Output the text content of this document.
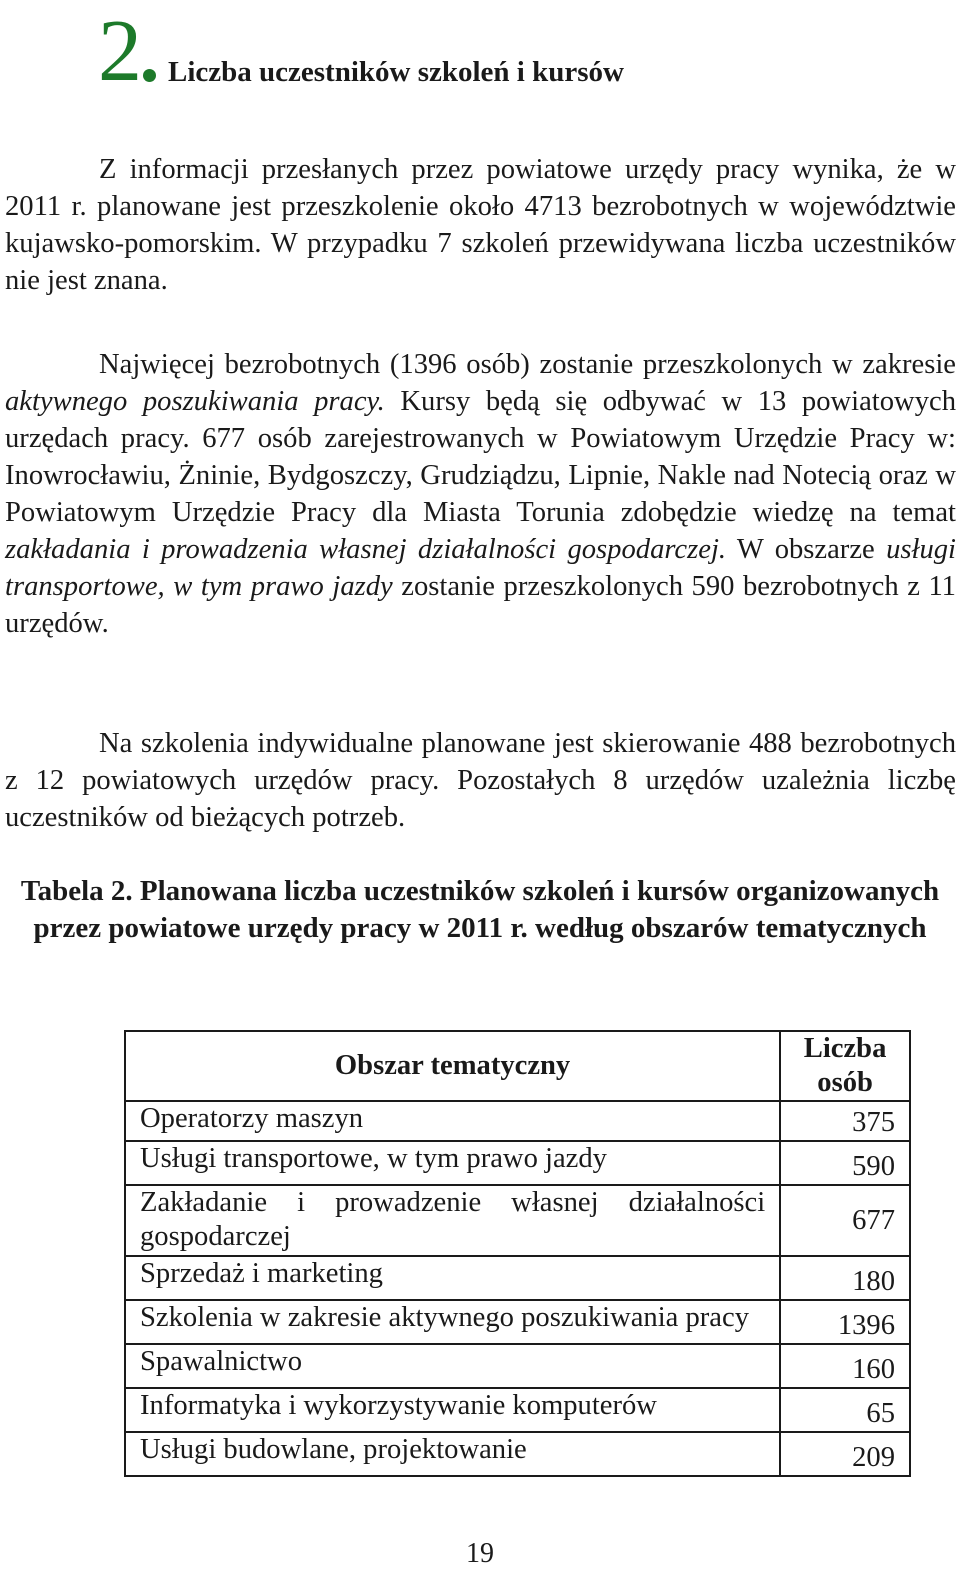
2 Liczba uczestników szkoleń i kursów

Z informacji przesłanych przez powiatowe urzędy pracy wynika, że w 2011 r. planowane jest przeszkolenie około 4713 bezrobotnych w województwie kujawsko-pomorskim. W przypadku 7 szkoleń przewidywana liczba uczestników nie jest znana.

Najwięcej bezrobotnych (1396 osób) zostanie przeszkolonych w zakresie aktywnego poszukiwania pracy. Kursy będą się odbywać w 13 powiatowych urzędach pracy. 677 osób zarejestrowanych w Powiatowym Urzędzie Pracy w: Inowrocławiu, Żninie, Bydgoszczy, Grudziądzu, Lipnie, Nakle nad Notecią oraz w Powiatowym Urzędzie Pracy dla Miasta Torunia zdobędzie wiedzę na temat zakładania i prowadzenia własnej działalności gospodarczej. W obszarze usługi transportowe, w tym prawo jazdy zostanie przeszkolonych 590 bezrobotnych z 11 urzędów.

Na szkolenia indywidualne planowane jest skierowanie 488 bezrobotnych z 12 powiatowych urzędów pracy. Pozostałych 8 urzędów uzależnia liczbę uczestników od bieżących potrzeb.

Tabela 2. Planowana liczba uczestników szkoleń i kursów organizowanych przez powiatowe urzędy pracy w 2011 r. według obszarów tematycznych

Obszar tematyczny	Liczba osób
Operatorzy maszyn	375
Usługi transportowe, w tym prawo jazdy	590
Zakładanie i prowadzenie własnej działalności gospodarczej	677
Sprzedaż i marketing	180
Szkolenia w zakresie aktywnego poszukiwania pracy	1396
Spawalnictwo	160
Informatyka i wykorzystywanie komputerów	65
Usługi budowlane, projektowanie	209
19
